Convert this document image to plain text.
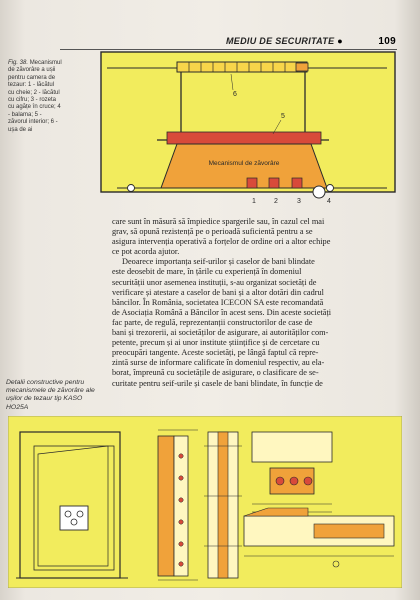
MEDIU DE SECURITATE ●	109
Fig. 38. Mecanismul de zăvorâre a ușii pentru camera de tezaur: 1 - lăcătul cu cheie; 2 - lăcătul cu cifru; 3 - rozeta cu agățe în cruce; 4 - balama; 5 - zăvorul interior; 6 - ușa de ai
Mecanismul de zăvorâre
6
5
1	2	3	4

care sunt în măsură să împiedice spargerile sau, în cazul cel mai

grav, să opună rezistență pe o perioadă suficientă pentru a se

asigura intervenția operativă a forțelor de ordine ori a altor echipe

ce pot acorda ajutor.

Deoarece importanța seif-urilor și caselor de bani blindate

este deosebit de mare, în țările cu experiență în domeniul

securității unor asemenea instituții, s-au organizat societăți de

verificare și atestare a caselor de bani și a altor dotări din cadrul

băncilor. În România, societatea ICECON SA este recomandată

de Asociația Română a Băncilor în acest sens. Din aceste societăți

fac parte, de regulă, reprezentanții constructorilor de case de

bani și trezorerii, ai societăților de asigurare, ai autorităților com-

petente, precum și ai unor institute științifice și de cercetare cu

preocupări tangente. Aceste societăți, pe lângă faptul că repre-

zintă surse de informare calificate în domeniul respectiv, au ela-

borat, împreună cu societățile de asigurare, o clasificare de se-

curitate pentru seif-urile și casele de bani blindate, în funcție de

Detalii constructive pentru mecanismele de zăvorâre ale ușilor de tezaur tip KASO HO25A
